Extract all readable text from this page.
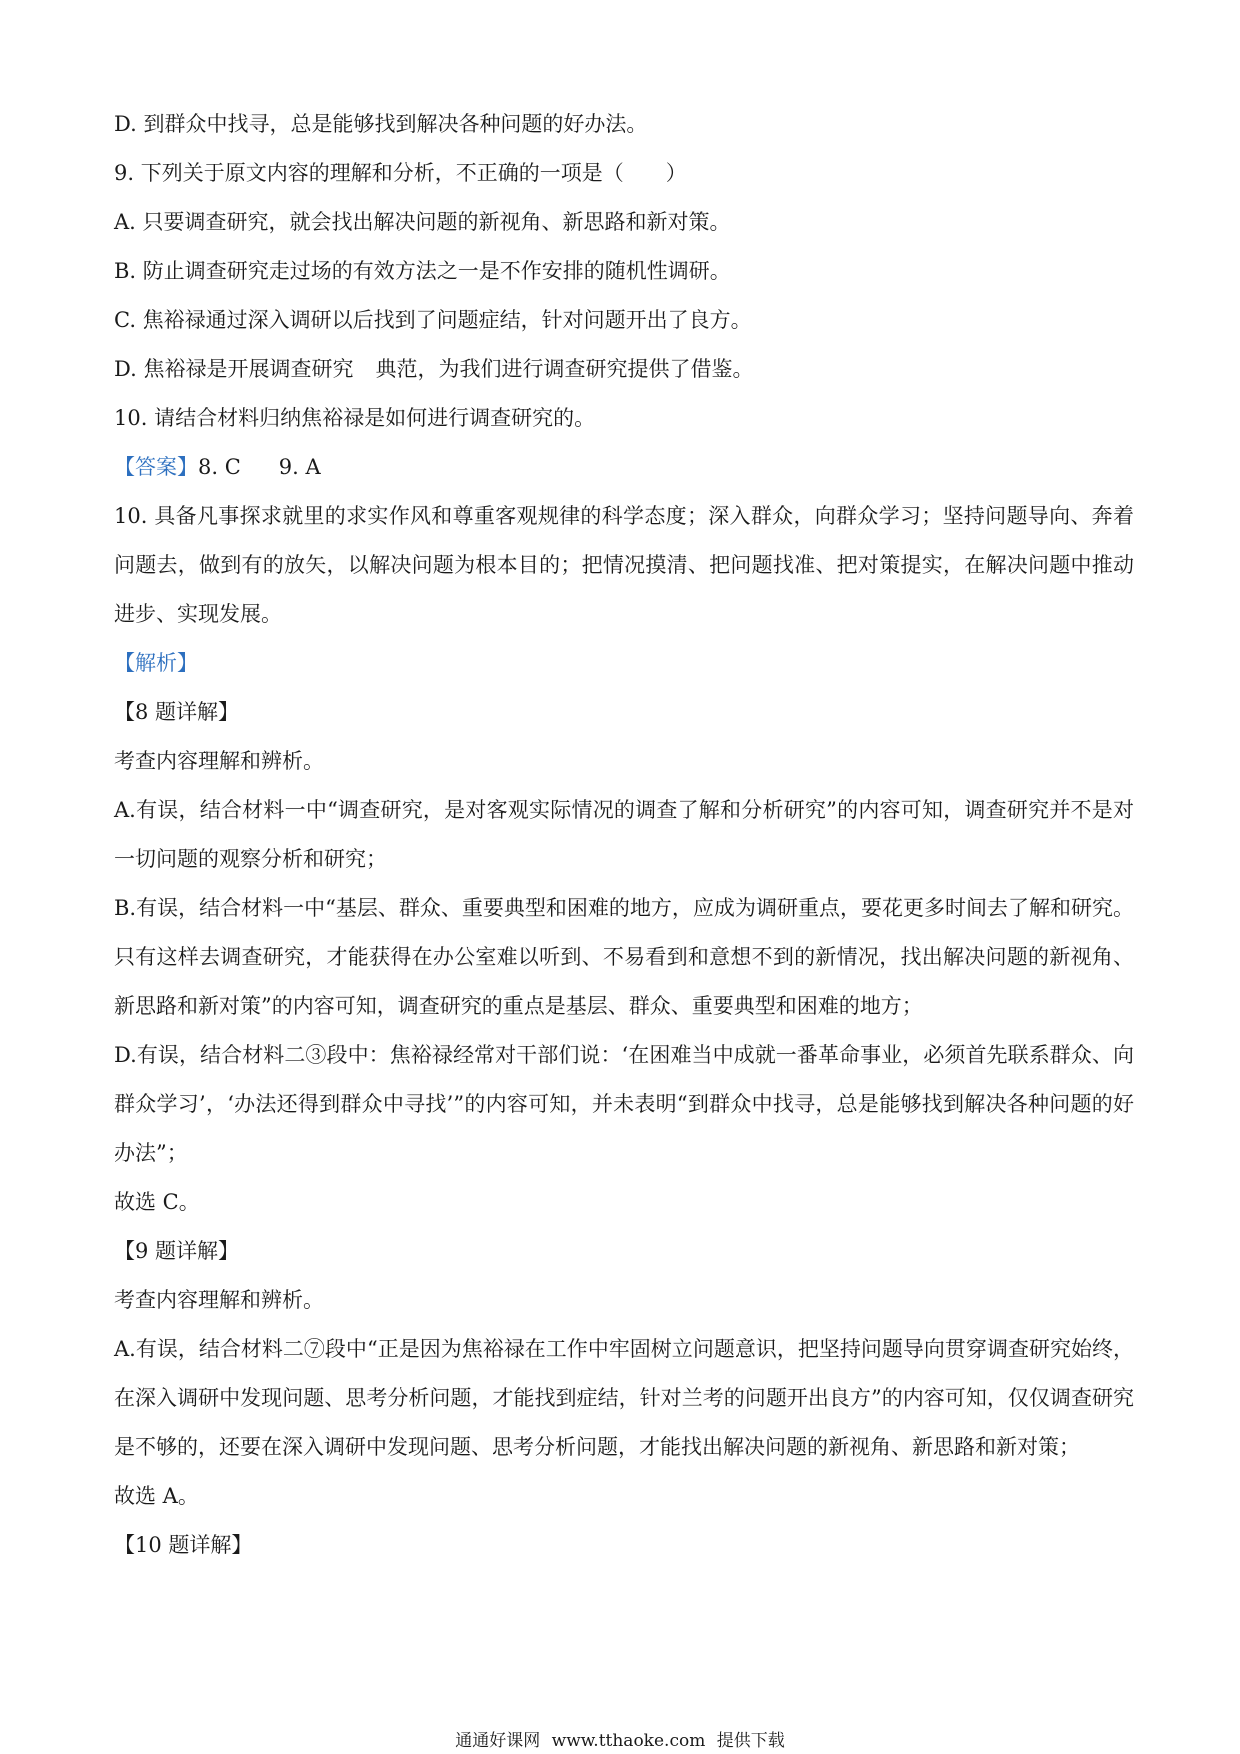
D. 到群众中找寻，总是能够找到解决各种问题的好办法。

9. 下列关于原文内容的理解和分析，不正确的一项是（　　）

A. 只要调查研究，就会找出解决问题的新视角、新思路和新对策。

B. 防止调查研究走过场的有效方法之一是不作安排的随机性调研。

C. 焦裕禄通过深入调研以后找到了问题症结，针对问题开出了良方。

D. 焦裕禄是开展调查研究 典范，为我们进行调查研究提供了借鉴。

10. 请结合材料归纳焦裕禄是如何进行调查研究的。

【答案】8. C 9. A

10. 具备凡事探求就里的求实作风和尊重客观规律的科学态度；深入群众，向群众学习；坚持问题导向、奔着问题去，做到有的放矢，以解决问题为根本目的；把情况摸清、把问题找准、把对策提实，在解决问题中推动进步、实现发展。

【解析】

【8 题详解】

考查内容理解和辨析。

A.有误，结合材料一中“调查研究，是对客观实际情况的调查了解和分析研究”的内容可知，调查研究并不是对一切问题的观察分析和研究；

B.有误，结合材料一中“基层、群众、重要典型和困难的地方，应成为调研重点，要花更多时间去了解和研究。只有这样去调查研究，才能获得在办公室难以听到、不易看到和意想不到的新情况，找出解决问题的新视角、新思路和新对策”的内容可知，调查研究的重点是基层、群众、重要典型和困难的地方；

D.有误，结合材料二③段中：焦裕禄经常对干部们说：‘在困难当中成就一番革命事业，必须首先联系群众、向群众学习’，‘办法还得到群众中寻找’”的内容可知，并未表明“到群众中找寻，总是能够找到解决各种问题的好办法”；

故选 C。

【9 题详解】

考查内容理解和辨析。

A.有误，结合材料二⑦段中“正是因为焦裕禄在工作中牢固树立问题意识，把坚持问题导向贯穿调查研究始终，在深入调研中发现问题、思考分析问题，才能找到症结，针对兰考的问题开出良方”的内容可知，仅仅调查研究是不够的，还要在深入调研中发现问题、思考分析问题，才能找出解决问题的新视角、新思路和新对策；

故选 A。

【10 题详解】

通通好课网 www.tthaoke.com 提供下载
